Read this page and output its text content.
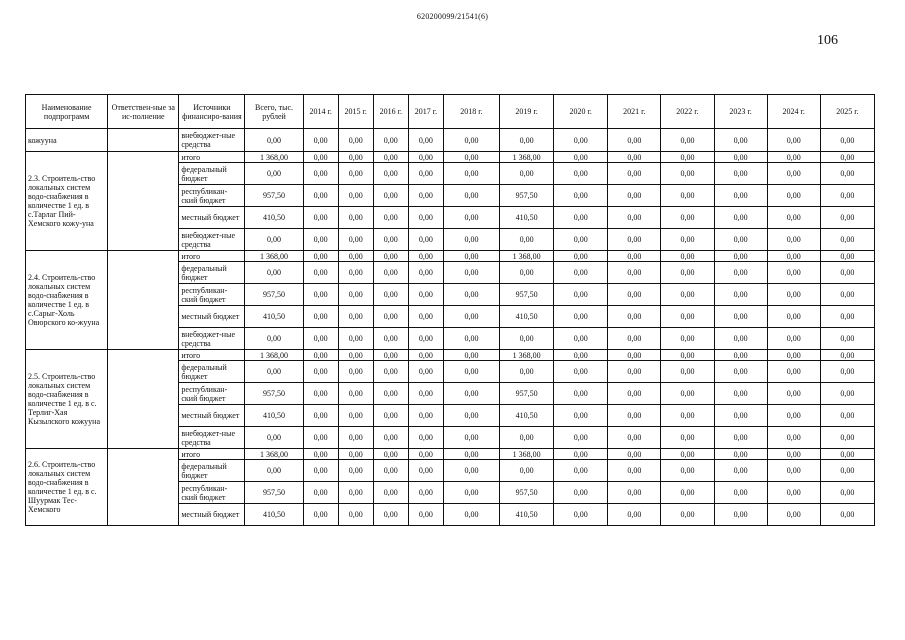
620200099/21541(6)
106
Наименование подпрограмм	Ответствен-ные за ис-полнение	Источники финансиро-вания	Всего, тыс. рублей	2014 г.	2015 г.	2016 г.	2017 г.	2018 г.	2019 г.	2020 г.	2021 г.	2022 г.	2023 г.	2024 г.	2025 г.
кожууна		внебюджет-ные средства	0,00	0,00	0,00	0,00	0,00	0,00	0,00	0,00	0,00	0,00	0,00	0,00	0,00
2.3. Строитель-ство локальных систем водо-снабжения в количестве 1 ед. в с.Тарлаг Пий-Хемского кожу-уна		итого	1 368,00	0,00	0,00	0,00	0,00	0,00	1 368,00	0,00	0,00	0,00	0,00	0,00	0,00
		федеральный бюджет	0,00	0,00	0,00	0,00	0,00	0,00	0,00	0,00	0,00	0,00	0,00	0,00	0,00
		республикан-ский бюджет	957,50	0,00	0,00	0,00	0,00	0,00	957,50	0,00	0,00	0,00	0,00	0,00	0,00
		местный бюджет	410,50	0,00	0,00	0,00	0,00	0,00	410,50	0,00	0,00	0,00	0,00	0,00	0,00
		внебюджет-ные средства	0,00	0,00	0,00	0,00	0,00	0,00	0,00	0,00	0,00	0,00	0,00	0,00	0,00
2.4. Строитель-ство локальных систем водо-снабжения в количестве 1 ед. в с.Сарыг-Холь Овюрского ко-жууна		итого	1 368,00	0,00	0,00	0,00	0,00	0,00	1 368,00	0,00	0,00	0,00	0,00	0,00	0,00
		федеральный бюджет	0,00	0,00	0,00	0,00	0,00	0,00	0,00	0,00	0,00	0,00	0,00	0,00	0,00
		республикан-ский бюджет	957,50	0,00	0,00	0,00	0,00	0,00	957,50	0,00	0,00	0,00	0,00	0,00	0,00
		местный бюджет	410,50	0,00	0,00	0,00	0,00	0,00	410,50	0,00	0,00	0,00	0,00	0,00	0,00
		внебюджет-ные средства	0,00	0,00	0,00	0,00	0,00	0,00	0,00	0,00	0,00	0,00	0,00	0,00	0,00
2.5. Строитель-ство локальных систем водо-снабжения в количестве 1 ед. в с. Терлиг-Хая Кызылского кожууна		итого	1 368,00	0,00	0,00	0,00	0,00	0,00	1 368,00	0,00	0,00	0,00	0,00	0,00	0,00
		федеральный бюджет	0,00	0,00	0,00	0,00	0,00	0,00	0,00	0,00	0,00	0,00	0,00	0,00	0,00
		республикан-ский бюджет	957,50	0,00	0,00	0,00	0,00	0,00	957,50	0,00	0,00	0,00	0,00	0,00	0,00
		местный бюджет	410,50	0,00	0,00	0,00	0,00	0,00	410,50	0,00	0,00	0,00	0,00	0,00	0,00
		внебюджет-ные средства	0,00	0,00	0,00	0,00	0,00	0,00	0,00	0,00	0,00	0,00	0,00	0,00	0,00
2.6. Строитель-ство локальных систем водо-снабжения в количестве 1 ед. в с. Шуурмак Тес-Хемского		итого	1 368,00	0,00	0,00	0,00	0,00	0,00	1 368,00	0,00	0,00	0,00	0,00	0,00	0,00
		федеральный бюджет	0,00	0,00	0,00	0,00	0,00	0,00	0,00	0,00	0,00	0,00	0,00	0,00	0,00
		республикан-ский бюджет	957,50	0,00	0,00	0,00	0,00	0,00	957,50	0,00	0,00	0,00	0,00	0,00	0,00
		местный бюджет	410,50	0,00	0,00	0,00	0,00	0,00	410,50	0,00	0,00	0,00	0,00	0,00	0,00
